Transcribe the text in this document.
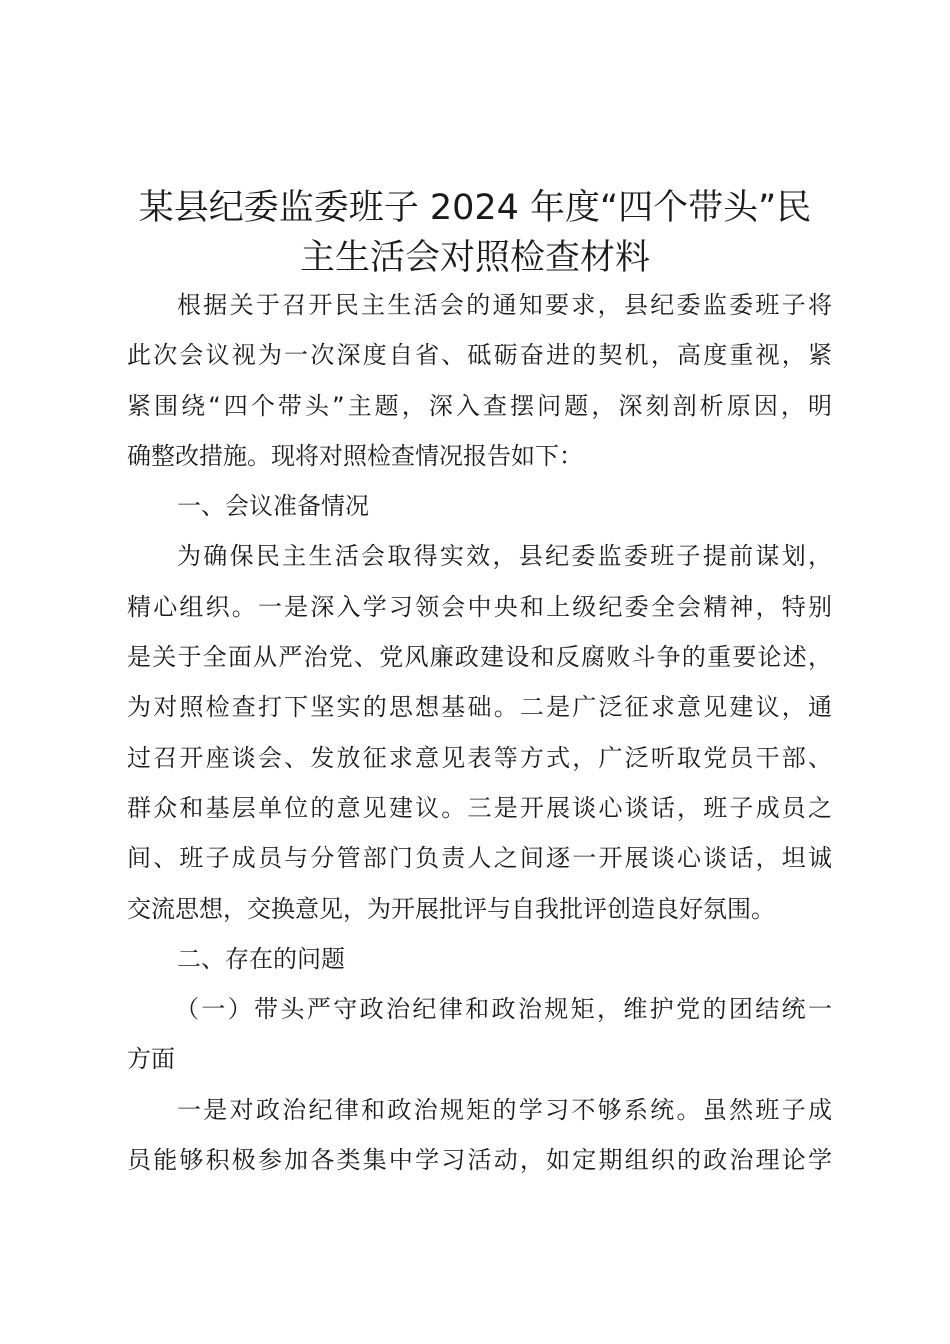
某县纪委监委班子 2024 年度“四个带头”民
主生活会对照检查材料
根据关于召开民主生活会的通知要求，县纪委监委班子将
此次会议视为一次深度自省、砥砺奋进的契机，高度重视，紧
紧围绕“四个带头”主题，深入查摆问题，深刻剖析原因，明
确整改措施。现将对照检查情况报告如下：
一、会议准备情况
为确保民主生活会取得实效，县纪委监委班子提前谋划，
精心组织。一是深入学习领会中央和上级纪委全会精神，特别
是关于全面从严治党、党风廉政建设和反腐败斗争的重要论述，
为对照检查打下坚实的思想基础。二是广泛征求意见建议，通
过召开座谈会、发放征求意见表等方式，广泛听取党员干部、
群众和基层单位的意见建议。三是开展谈心谈话，班子成员之
间、班子成员与分管部门负责人之间逐一开展谈心谈话，坦诚
交流思想，交换意见，为开展批评与自我批评创造良好氛围。
二、存在的问题
（一）带头严守政治纪律和政治规矩，维护党的团结统一
方面
一是对政治纪律和政治规矩的学习不够系统。虽然班子成
员能够积极参加各类集中学习活动，如定期组织的政治理论学
